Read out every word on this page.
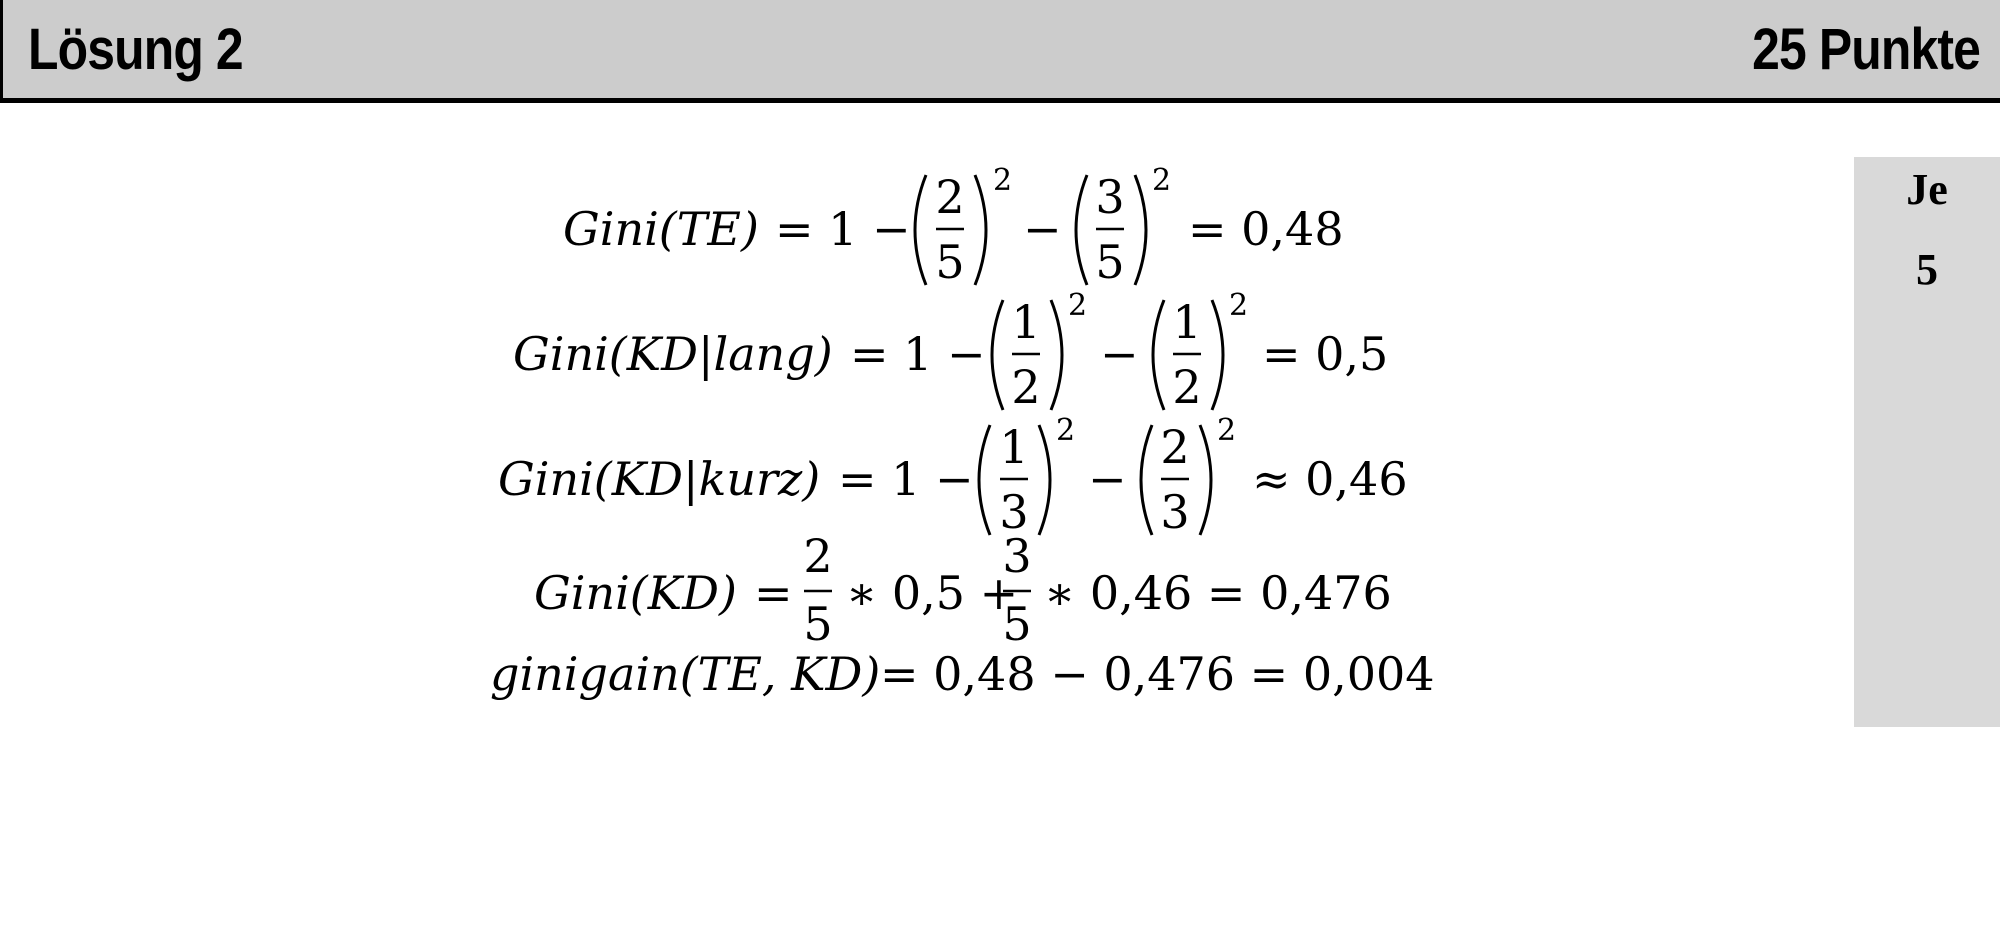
Lösung 2	25 Punkte
Je
5
Gini(TE) = 1 −
2
5
2
−
3
5
2
= 0,48
Gini(KD|lang) = 1 −
1
2
2
−
1
2
2
= 0,5
Gini(KD|kurz) = 1 −
1
3
2
−
2
3
2
≈ 0,46
Gini(KD) =
2
5
∗ 0,5 +
3
5
∗ 0,46 = 0,476
ginigain(TE, KD) = 0,48 − 0,476 = 0,004
